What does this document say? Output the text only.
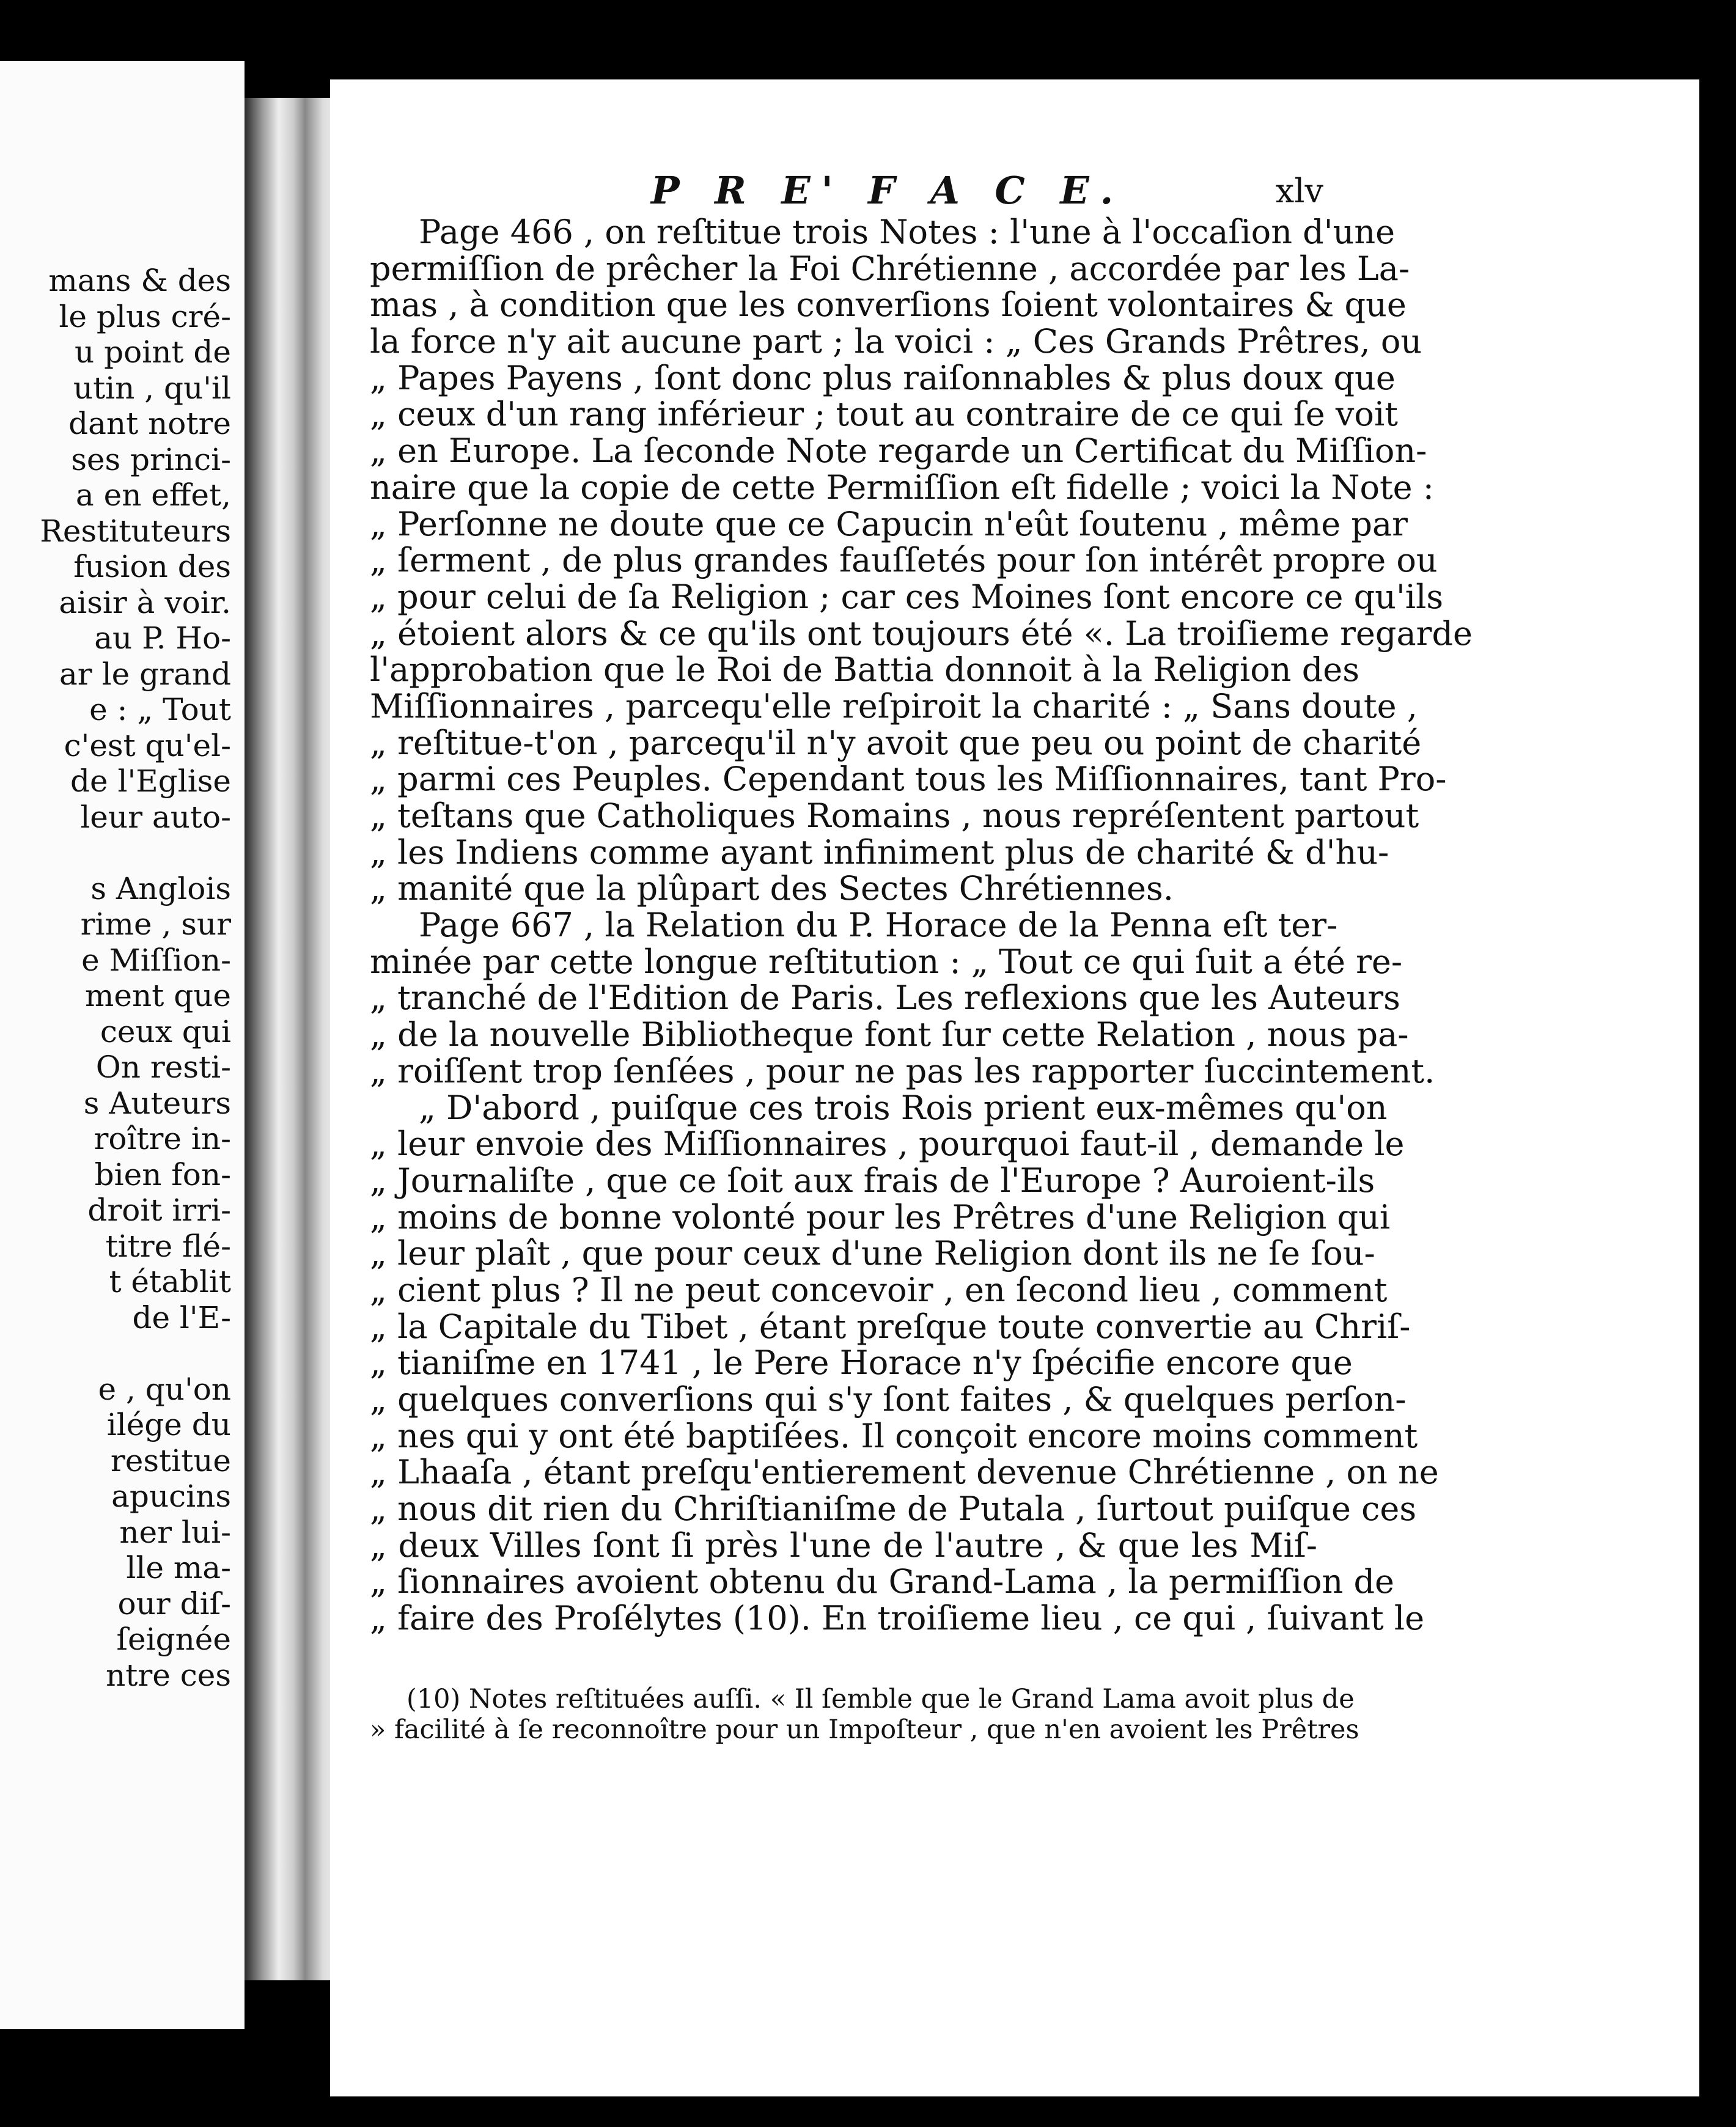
mans & des
le plus cré-
u point de
utin , qu'il
dant notre
ses princi-
a en effet,
Restituteurs
fusion des
aisir à voir.
au P. Ho-
ar le grand
e : „ Tout
c'est qu'el-
de l'Eglise
leur auto-
s Anglois
rime , sur
e Miſſion-
ment que
ceux qui
On resti-
s Auteurs
roître in-
bien fon-
droit irri-
titre flé-
t établit
de l'E-
e , qu'on
ilége du
restitue
apucins
ner lui-
lle ma-
our diſ-
ſeignée
ntre ces
P R E' F A C E.	xlv
Page 466 , on reſtitue trois Notes : l'une à l'occaſion d'une
permiſſion de prêcher la Foi Chrétienne , accordée par les La-
mas , à condition que les converſions ſoient volontaires & que
la force n'y ait aucune part ; la voici : „ Ces Grands Prêtres, ou
„ Papes Payens , ſont donc plus raiſonnables & plus doux que
„ ceux d'un rang inférieur ; tout au contraire de ce qui ſe voit
„ en Europe. La ſeconde Note regarde un Certificat du Miſſion-
naire que la copie de cette Permiſſion eſt fidelle ; voici la Note :
„ Perſonne ne doute que ce Capucin n'eût ſoutenu , même par
„ ſerment , de plus grandes fauſſetés pour ſon intérêt propre ou
„ pour celui de ſa Religion ; car ces Moines ſont encore ce qu'ils
„ étoient alors & ce qu'ils ont toujours été «. La troiſieme regarde
l'approbation que le Roi de Battia donnoit à la Religion des
Miſſionnaires , parcequ'elle reſpiroit la charité : „ Sans doute ,
„ reſtitue-t'on , parcequ'il n'y avoit que peu ou point de charité
„ parmi ces Peuples. Cependant tous les Miſſionnaires, tant Pro-
„ teſtans que Catholiques Romains , nous repréſentent partout
„ les Indiens comme ayant infiniment plus de charité & d'hu-
„ manité que la plûpart des Sectes Chrétiennes.
Page 667 , la Relation du P. Horace de la Penna eſt ter-
minée par cette longue reſtitution : „ Tout ce qui ſuit a été re-
„ tranché de l'Edition de Paris. Les reflexions que les Auteurs
„ de la nouvelle Bibliotheque font ſur cette Relation , nous pa-
„ roiſſent trop ſenſées , pour ne pas les rapporter ſuccintement.
„ D'abord , puiſque ces trois Rois prient eux-mêmes qu'on
„ leur envoie des Miſſionnaires , pourquoi faut-il , demande le
„ Journaliſte , que ce ſoit aux frais de l'Europe ? Auroient-ils
„ moins de bonne volonté pour les Prêtres d'une Religion qui
„ leur plaît , que pour ceux d'une Religion dont ils ne ſe ſou-
„ cient plus ? Il ne peut concevoir , en ſecond lieu , comment
„ la Capitale du Tibet , étant preſque toute convertie au Chriſ-
„ tianiſme en 1741 , le Pere Horace n'y ſpécifie encore que
„ quelques converſions qui s'y ſont faites , & quelques perſon-
„ nes qui y ont été baptiſées. Il conçoit encore moins comment
„ Lhaaſa , étant preſqu'entierement devenue Chrétienne , on ne
„ nous dit rien du Chriſtianiſme de Putala , ſurtout puiſque ces
„ deux Villes ſont ſi près l'une de l'autre , & que les Miſ-
„ ſionnaires avoient obtenu du Grand-Lama , la permiſſion de
„ faire des Proſélytes (10). En troiſieme lieu , ce qui , ſuivant le
(10) Notes reſtituées auſſi. « Il ſemble que le Grand Lama avoit plus de
» facilité à ſe reconnoître pour un Impoſteur , que n'en avoient les Prêtres
